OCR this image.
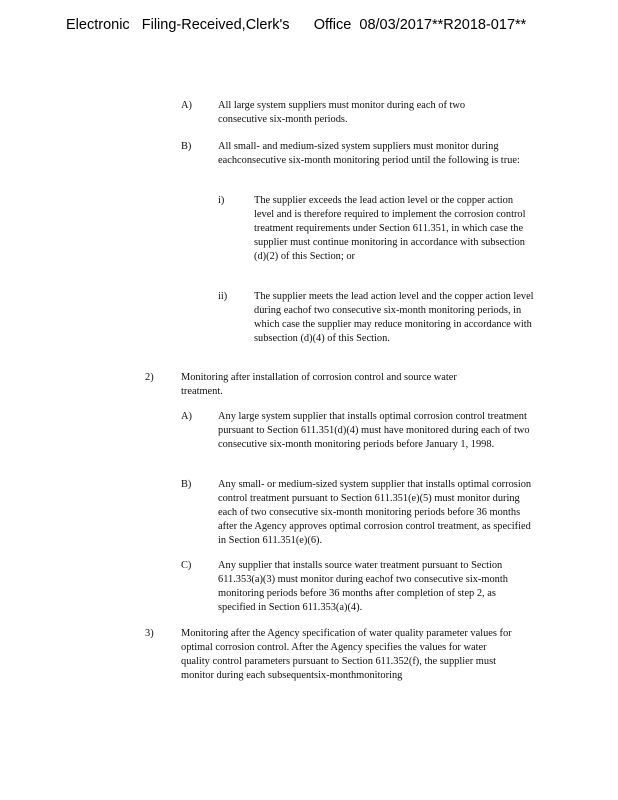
Electronic   Filing-Received,Clerk's      Office  08/03/2017**R2018-017**
A)	All large system suppliers must monitor during each of two consecutive six-month periods.
B)	All small- and medium-sized system suppliers must monitor during eachconsecutive six-month monitoring period until the following is true:
i)	The supplier exceeds the lead action level or the copper action level and is therefore required to implement the corrosion control treatment requirements under Section 611.351, in which case the supplier must continue monitoring in accordance with subsection (d)(2) of this Section; or
ii)	The supplier meets the lead action level and the copper action level during eachof two consecutive six-month monitoring periods, in which case the supplier may reduce monitoring in accordance with subsection (d)(4) of this Section.
2)	Monitoring after installation of corrosion control and source water treatment.
A)	Any large system supplier that installs optimal corrosion control treatment pursuant to Section 611.351(d)(4) must have monitored during each of two consecutive six-month monitoring periods before January 1, 1998.
B)	Any small- or medium-sized system supplier that installs optimal corrosion control treatment pursuant to Section 611.351(e)(5) must monitor during each of two consecutive six-month monitoring periods before 36 months after the Agency approves optimal corrosion control treatment, as specified in Section 611.351(e)(6).
C)	Any supplier that installs source water treatment pursuant to Section 611.353(a)(3) must monitor during eachof two consecutive six-month monitoring periods before 36 months after completion of step 2, as specified in Section 611.353(a)(4).
3)	Monitoring after the Agency specification of water quality parameter values for optimal corrosion control. After the Agency specifies the values for water quality control parameters pursuant to Section 611.352(f), the supplier must monitor during each subsequentsix-monthmonitoring
